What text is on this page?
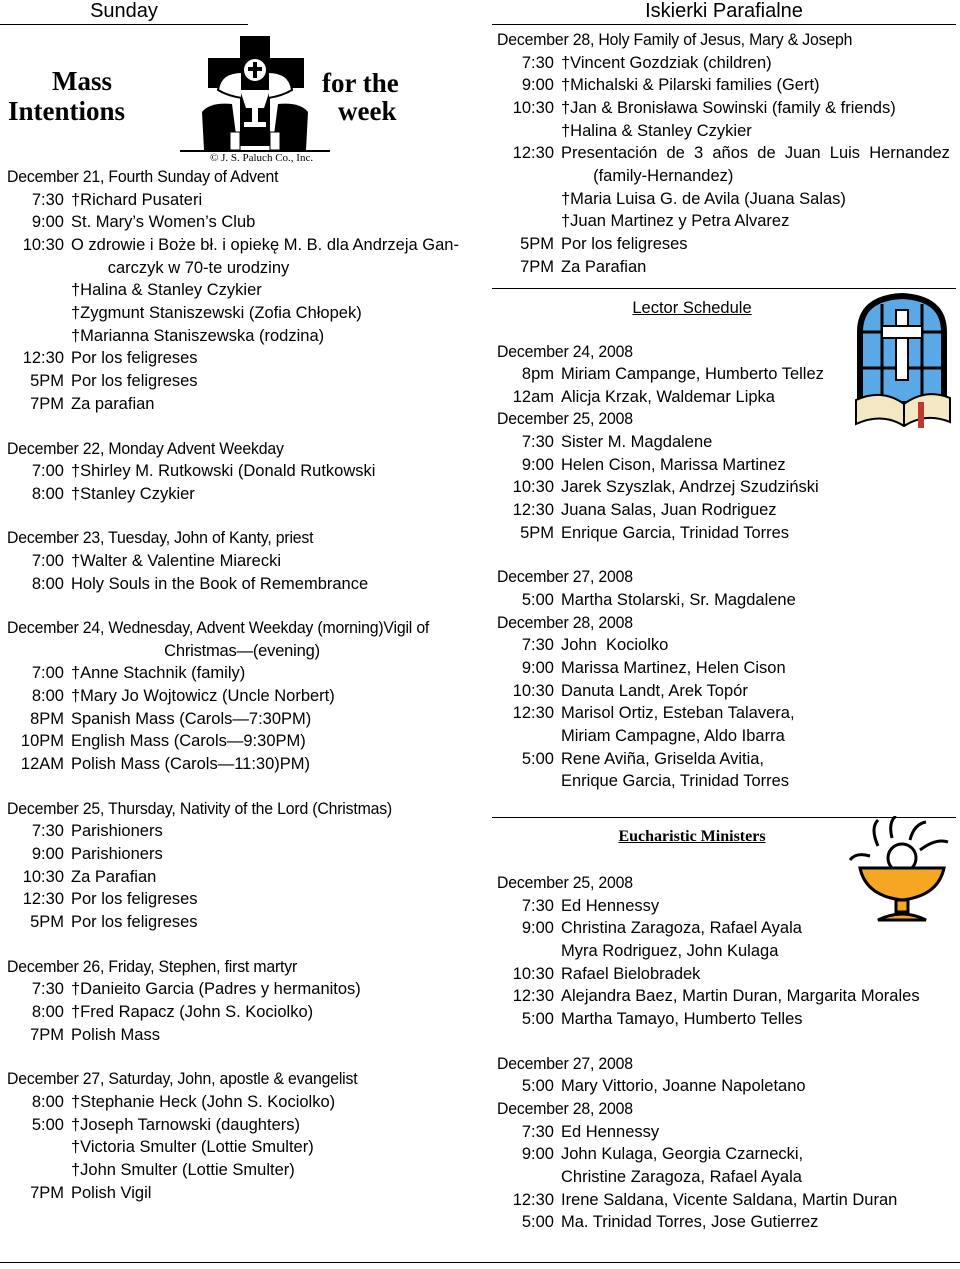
Sunday	Iskierki Parafialne
Mass
Intentions
for the
week
© J. S. Paluch Co., Inc.
December 21, Fourth Sunday of Advent
7:30 †Richard Pusateri
9:00 St. Mary’s Women’s Club
10:30 O zdrowie i Boże bł. i opiekę M. B. dla Andrzeja Gan-
carczyk w 70-te urodziny
†Halina & Stanley Czykier
†Zygmunt Staniszewski (Zofia Chłopek)
†Marianna Staniszewska (rodzina)
12:30 Por los feligreses
5PM Por los feligreses
7PM Za parafian
December 22, Monday Advent Weekday
7:00 †Shirley M. Rutkowski (Donald Rutkowski
8:00 †Stanley Czykier
December 23, Tuesday, John of Kanty, priest
7:00 †Walter & Valentine Miarecki
8:00 Holy Souls in the Book of Remembrance
December 24, Wednesday, Advent Weekday (morning)Vigil of
Christmas—(evening)
7:00 †Anne Stachnik (family)
8:00 †Mary Jo Wojtowicz (Uncle Norbert)
8PM Spanish Mass (Carols—7:30PM)
10PM English Mass (Carols—9:30PM)
12AM Polish Mass (Carols—11:30)PM)
December 25, Thursday, Nativity of the Lord (Christmas)
7:30 Parishioners
9:00 Parishioners
10:30 Za Parafian
12:30 Por los feligreses
5PM Por los feligreses
December 26, Friday, Stephen, first martyr
7:30 †Danieito Garcia (Padres y hermanitos)
8:00 †Fred Rapacz (John S. Kociolko)
7PM Polish Mass
December 27, Saturday, John, apostle & evangelist
8:00 †Stephanie Heck (John S. Kociolko)
5:00 †Joseph Tarnowski (daughters)
†Victoria Smulter (Lottie Smulter)
†John Smulter (Lottie Smulter)
7PM Polish Vigil
December 28, Holy Family of Jesus, Mary & Joseph
7:30 †Vincent Gozdziak (children)
9:00 †Michalski & Pilarski families (Gert)
10:30 †Jan & Bronisława Sowinski (family & friends)
†Halina & Stanley Czykier
12:30 Presentación  de  3  años  de  Juan  Luis  Hernandez
(family-Hernandez)
†Maria Luisa G. de Avila (Juana Salas)
†Juan Martinez y Petra Alvarez
5PM Por los feligreses
7PM Za Parafian
Lector Schedule
December 24, 2008
8pm Miriam Campange, Humberto Tellez
12am Alicja Krzak, Waldemar Lipka
December 25, 2008
7:30 Sister M. Magdalene
9:00 Helen Cison, Marissa Martinez
10:30 Jarek Szyszlak, Andrzej Szudziński
12:30 Juana Salas, Juan Rodriguez
5PM Enrique Garcia, Trinidad Torres
December 27, 2008
5:00 Martha Stolarski, Sr. Magdalene
December 28, 2008
7:30 John  Kociolko
9:00 Marissa Martinez, Helen Cison
10:30 Danuta Landt, Arek Topór
12:30 Marisol Ortiz, Esteban Talavera,
Miriam Campagne, Aldo Ibarra
5:00 Rene Aviña, Griselda Avitia,
Enrique Garcia, Trinidad Torres
Eucharistic Ministers
December 25, 2008
7:30 Ed Hennessy
9:00 Christina Zaragoza, Rafael Ayala
Myra Rodriguez, John Kulaga
10:30 Rafael Bielobradek
12:30 Alejandra Baez, Martin Duran, Margarita Morales
5:00 Martha Tamayo, Humberto Telles
December 27, 2008
5:00 Mary Vittorio, Joanne Napoletano
December 28, 2008
7:30 Ed Hennessy
9:00 John Kulaga, Georgia Czarnecki,
Christine Zaragoza, Rafael Ayala
12:30 Irene Saldana, Vicente Saldana, Martin Duran
5:00 Ma. Trinidad Torres, Jose Gutierrez
